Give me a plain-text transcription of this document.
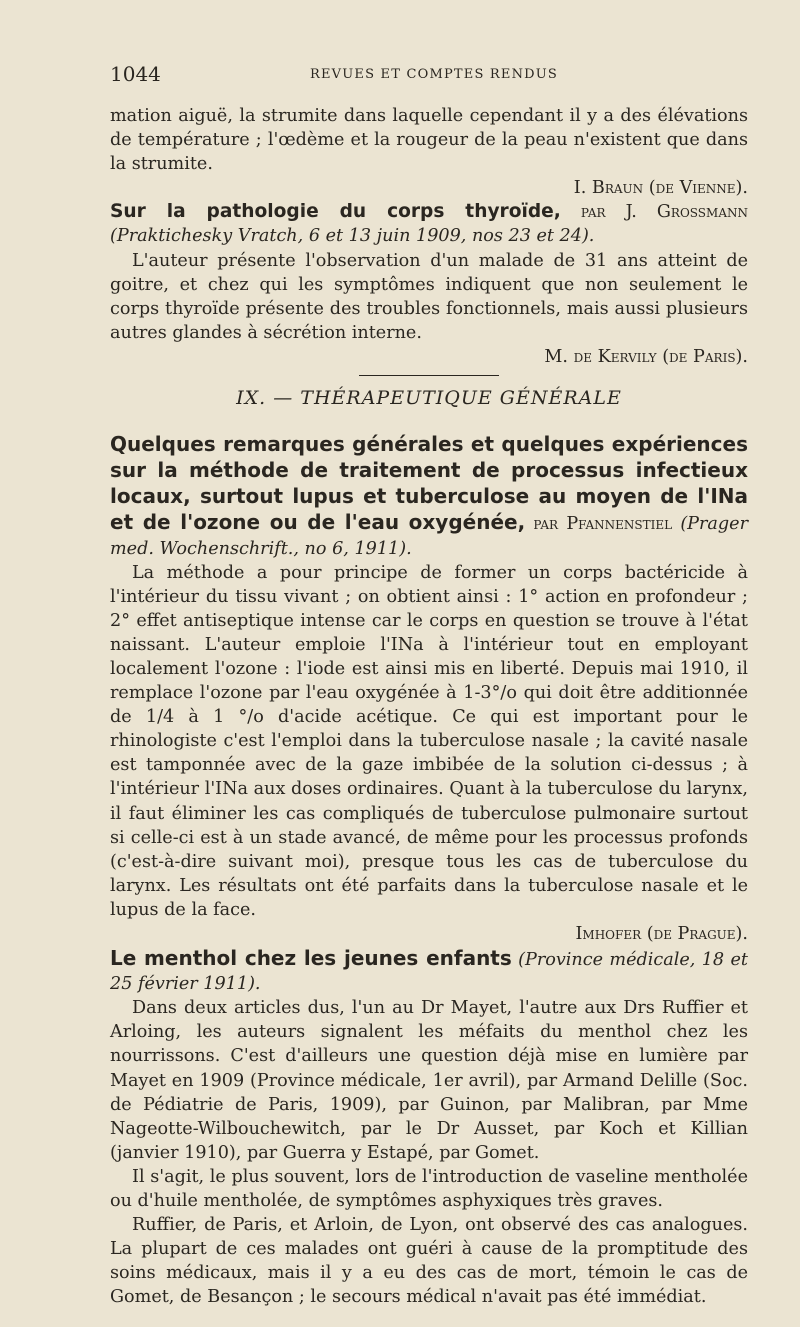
1044	REVUES ET COMPTES RENDUS

mation aiguë, la strumite dans laquelle cependant il y a des élévations de température ; l'œdème et la rougeur de la peau n'existent que dans la strumite.

I. Braun (de Vienne).

Sur la pathologie du corps thyroïde, par J. Grossmann (Praktichesky Vratch, 6 et 13 juin 1909, nos 23 et 24).

L'auteur présente l'observation d'un malade de 31 ans atteint de goitre, et chez qui les symptômes indiquent que non seulement le corps thyroïde présente des troubles fonctionnels, mais aussi plusieurs autres glandes à sécrétion interne.

M. de Kervily (de Paris).

IX. — THÉRAPEUTIQUE GÉNÉRALE

Quelques remarques générales et quelques expériences sur la méthode de traitement de processus infectieux locaux, surtout lupus et tuberculose au moyen de l'INa et de l'ozone ou de l'eau oxygénée, par Pfannenstiel (Prager med. Wochenschrift., no 6, 1911).

La méthode a pour principe de former un corps bactéricide à l'intérieur du tissu vivant ; on obtient ainsi : 1° action en profondeur ; 2° effet antiseptique intense car le corps en question se trouve à l'état naissant. L'auteur emploie l'INa à l'intérieur tout en employant localement l'ozone : l'iode est ainsi mis en liberté. Depuis mai 1910, il remplace l'ozone par l'eau oxygénée à 1-3°/o qui doit être additionnée de 1/4 à 1 °/o d'acide acétique. Ce qui est important pour le rhinologiste c'est l'emploi dans la tuberculose nasale ; la cavité nasale est tamponnée avec de la gaze imbibée de la solution ci-dessus ; à l'intérieur l'INa aux doses ordinaires. Quant à la tuberculose du larynx, il faut éliminer les cas compliqués de tuberculose pulmonaire surtout si celle-ci est à un stade avancé, de même pour les processus profonds (c'est-à-dire suivant moi), presque tous les cas de tuberculose du larynx. Les résultats ont été parfaits dans la tuberculose nasale et le lupus de la face.

Imhofer (de Prague).

Le menthol chez les jeunes enfants (Province médicale, 18 et 25 février 1911).

Dans deux articles dus, l'un au Dr Mayet, l'autre aux Drs Ruffier et Arloing, les auteurs signalent les méfaits du menthol chez les nourrissons. C'est d'ailleurs une question déjà mise en lumière par Mayet en 1909 (Province médicale, 1er avril), par Armand Delille (Soc. de Pédiatrie de Paris, 1909), par Guinon, par Malibran, par Mme Nageotte-Wilbouchewitch, par le Dr Ausset, par Koch et Killian (janvier 1910), par Guerra y Estapé, par Gomet.

Il s'agit, le plus souvent, lors de l'introduction de vaseline mentholée ou d'huile mentholée, de symptômes asphyxiques très graves.

Ruffier, de Paris, et Arloin, de Lyon, ont observé des cas analogues. La plupart de ces malades ont guéri à cause de la promptitude des soins médicaux, mais il y a eu des cas de mort, témoin le cas de Gomet, de Besançon ; le secours médical n'avait pas été immédiat.
